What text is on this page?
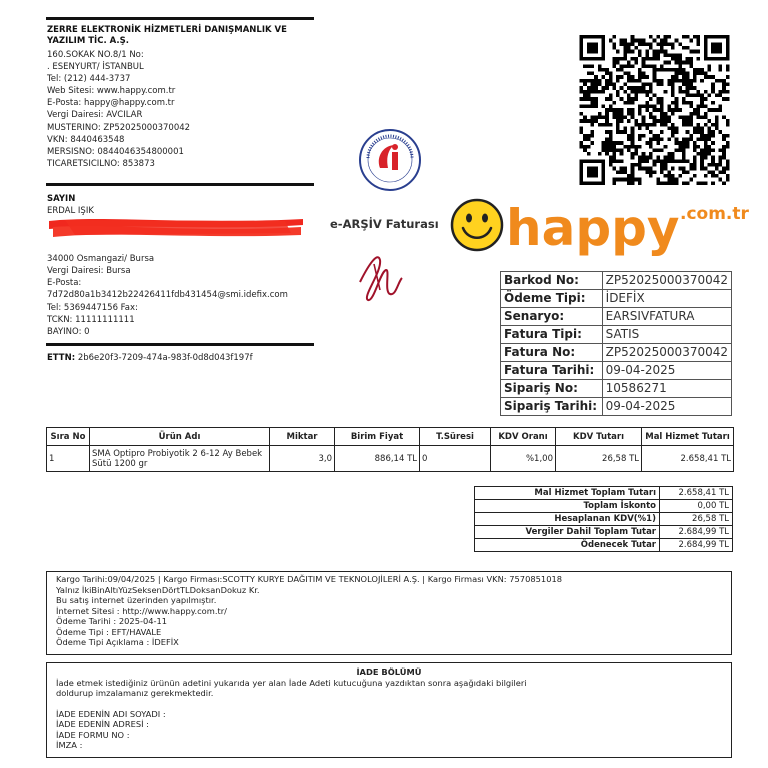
ZERRE ELEKTRONİK HİZMETLERİ DANIŞMANLIK VE
YAZILIM TİC. A.Ş.
160.SOKAK NO.8/1 No:
. ESENYURT/ İSTANBUL
Tel: (212) 444-3737
Web Sitesi: www.happy.com.tr
E-Posta: happy@happy.com.tr
Vergi Dairesi: AVCILAR
MUSTERINO: ZP52025000370042
VKN: 8440463548
MERSISNO: 0844046354800001
TICARETSICILNO: 853873
SAYIN
ERDAL IŞIK
34000 Osmangazi/ Bursa
Vergi Dairesi: Bursa
E-Posta:
7d72d80a1b3412b22426411fdb431454@smi.idefix.com
Tel: 5369447156 Fax:
TCKN: 11111111111
BAYINO: 0
ETTN: 2b6e20f3-7209-474a-983f-0d8d043f197f
e-ARŞİV Faturası happy .com.tr
Barkod No:	ZP52025000370042
Ödeme Tipi:	İDEFİX
Senaryo:	EARSIVFATURA
Fatura Tipi:	SATIS
Fatura No:	ZP52025000370042
Fatura Tarihi:	09-04-2025
Sipariş No:	10586271
Sipariş Tarihi:	09-04-2025
Sıra No	Ürün Adı	Miktar	Birim Fiyat	T.Süresi	KDV Oranı	KDV Tutarı	Mal Hizmet Tutarı
1	SMA Optipro Probiyotik 2 6-12 Ay Bebek Sütü 1200 gr	3,0	886,14 TL	0	%1,00	26,58 TL	2.658,41 TL
Mal Hizmet Toplam Tutarı	2.658,41 TL
Toplam İskonto	0,00 TL
Hesaplanan KDV(%1)	26,58 TL
Vergiler Dahil Toplam Tutar	2.684,99 TL
Ödenecek Tutar	2.684,99 TL
Kargo Tarihi:09/04/2025 | Kargo Firması:SCOTTY KURYE DAĞITIM VE TEKNOLOJİLERİ A.Ş. | Kargo Firması VKN: 7570851018
Yalnız İkiBinAltıYüzSeksenDörtTLDoksanDokuz Kr.
Bu satış internet üzerinden yapılmıştır.
İnternet Sitesi : http://www.happy.com.tr/
Ödeme Tarihi : 2025-04-11
Ödeme Tipi : EFT/HAVALE
Ödeme Tipi Açıklama : İDEFİX
İADE BÖLÜMÜ
İade etmek istediğiniz ürünün adetini yukarıda yer alan İade Adeti kutucuğuna yazdıktan sonra aşağıdaki bilgileri
doldurup imzalamanız gerekmektedir.
İADE EDENİN ADI SOYADI :
İADE EDENİN ADRESİ :
İADE FORMU NO :
İMZA :
